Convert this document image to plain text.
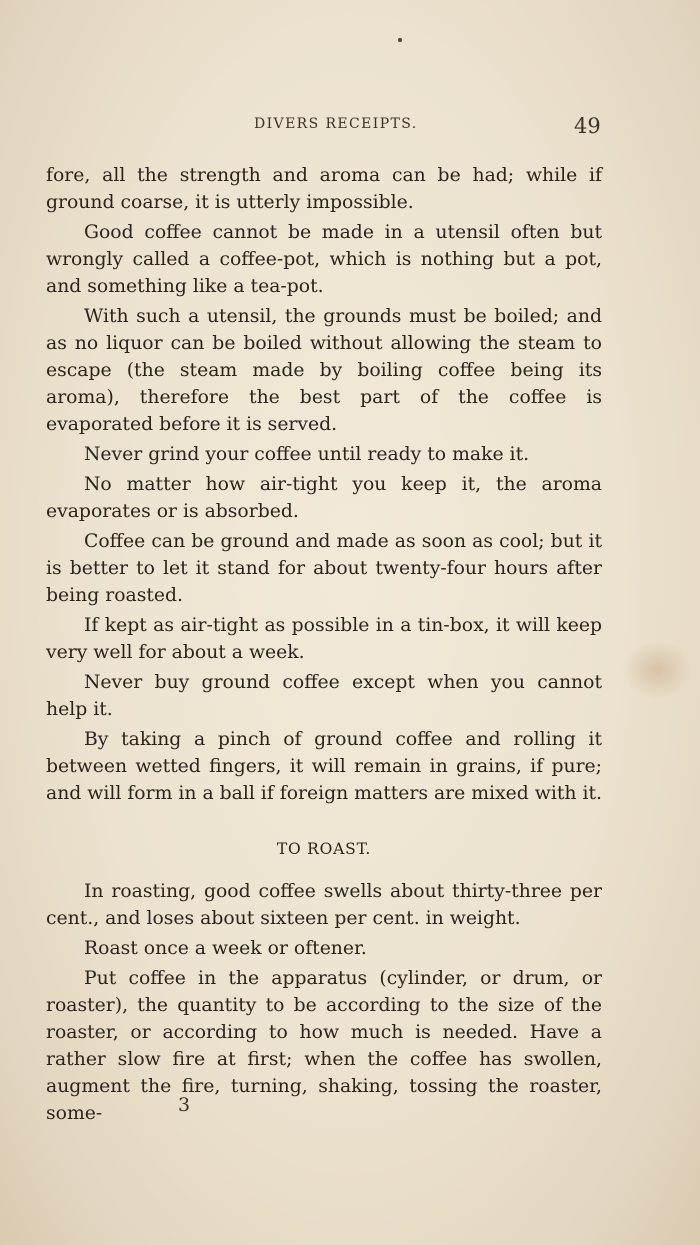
DIVERS RECEIPTS.	49

fore, all the strength and aroma can be had; while if ground coarse, it is utterly impossible.

Good coffee cannot be made in a utensil often but wrongly called a coffee-pot, which is nothing but a pot, and something like a tea-pot.

With such a utensil, the grounds must be boiled; and as no liquor can be boiled without allowing the steam to escape (the steam made by boiling coffee being its aroma), therefore the best part of the coffee is evaporated before it is served.

Never grind your coffee until ready to make it.

No matter how air-tight you keep it, the aroma evaporates or is absorbed.

Coffee can be ground and made as soon as cool; but it is better to let it stand for about twenty-four hours after being roasted.

If kept as air-tight as possible in a tin-box, it will keep very well for about a week.

Never buy ground coffee except when you cannot help it.

By taking a pinch of ground coffee and rolling it between wetted fingers, it will remain in grains, if pure; and will form in a ball if foreign matters are mixed with it.

TO ROAST.

In roasting, good coffee swells about thirty-three per cent., and loses about sixteen per cent. in weight.

Roast once a week or oftener.

Put coffee in the apparatus (cylinder, or drum, or roaster), the quantity to be according to the size of the roaster, or according to how much is needed. Have a rather slow fire at first; when the coffee has swollen, augment the fire, turning, shaking, tossing the roaster, some-	3
